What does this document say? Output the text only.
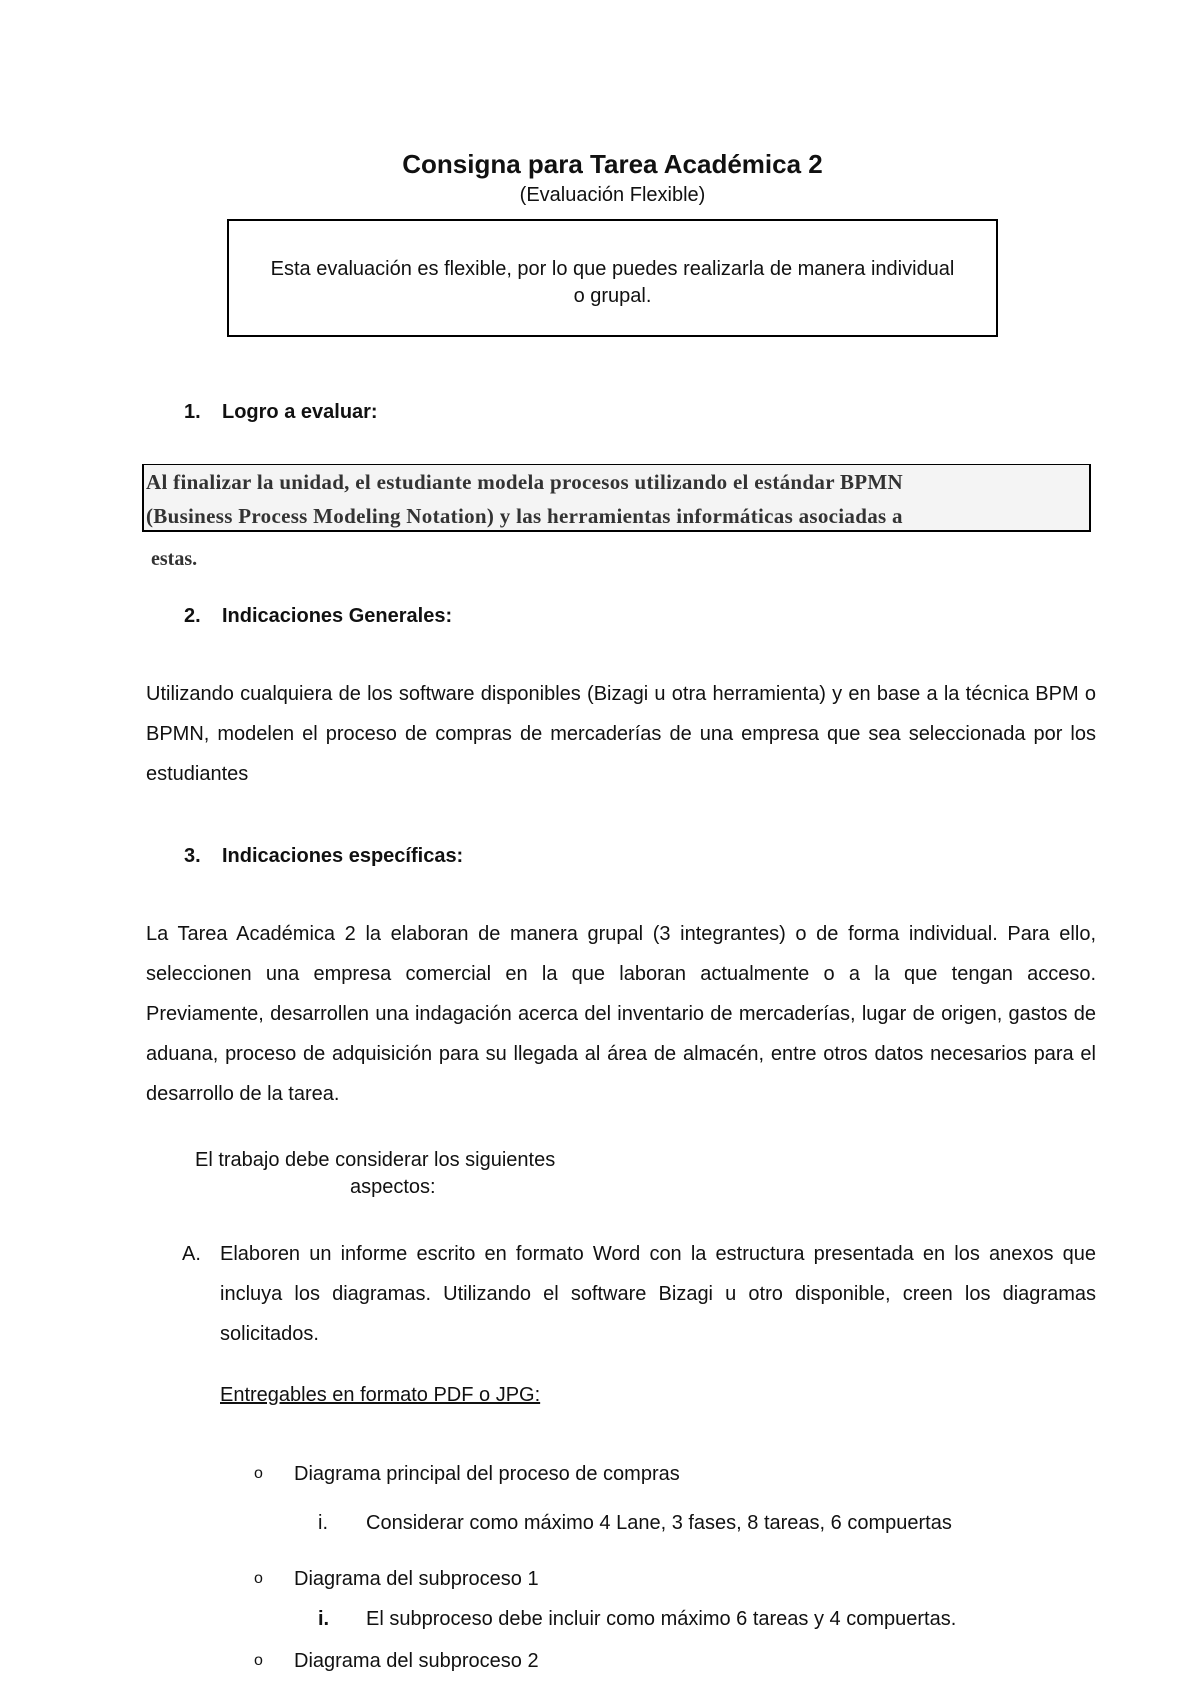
Consigna para Tarea Académica 2
(Evaluación Flexible)
Esta evaluación es flexible, por lo que puedes realizarla de manera individual o grupal.
1. Logro a evaluar:
Al finalizar la unidad, el estudiante modela procesos utilizando el estándar BPMN
(Business Process Modeling Notation) y las herramientas informáticas asociadas a
estas.
2. Indicaciones Generales:

Utilizando cualquiera de los software disponibles (Bizagi u otra herramienta) y en base a la técnica BPM o BPMN, modelen el proceso de compras de mercaderías de una empresa que sea seleccionada por los estudiantes

3. Indicaciones específicas:

La Tarea Académica 2 la elaboran de manera grupal (3 integrantes) o de forma individual. Para ello, seleccionen una empresa comercial en la que laboran actualmente o a la que tengan acceso. Previamente, desarrollen una indagación acerca del inventario de mercaderías, lugar de origen, gastos de aduana, proceso de adquisición para su llegada al área de almacén, entre otros datos necesarios para el desarrollo de la tarea.

El trabajo debe considerar los siguientes
aspectos:
A. Elaboren un informe escrito en formato Word con la estructura presentada en los anexos que incluya los diagramas. Utilizando el software Bizagi u otro disponible, creen los diagramas solicitados.
Entregables en formato PDF o JPG:
o Diagrama principal del proceso de compras
i. Considerar como máximo 4 Lane, 3 fases, 8 tareas, 6 compuertas
o Diagrama del subproceso 1
i. El subproceso debe incluir como máximo 6 tareas y 4 compuertas.
o Diagrama del subproceso 2
